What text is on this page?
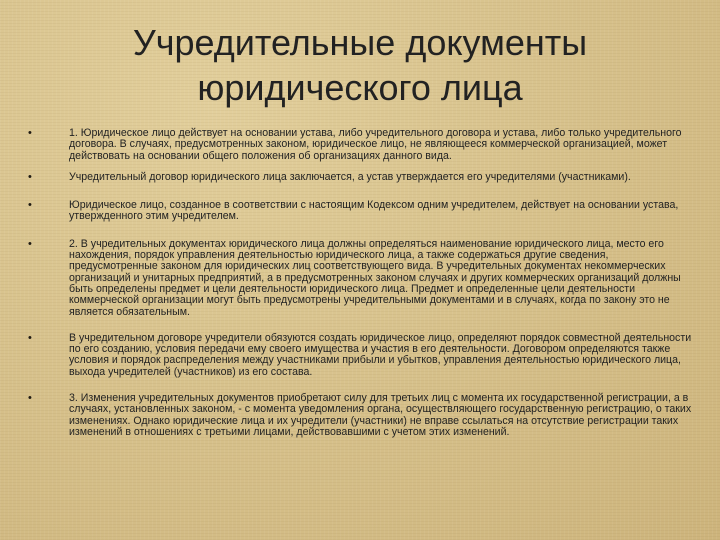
Учредительные документы
юридического лица
•	1. Юридическое лицо действует на основании устава, либо учредительного договора и устава, либо только учредительного договора. В случаях, предусмотренных законом, юридическое лицо, не являющееся коммерческой организацией, может действовать на основании общего положения об организациях данного вида.
•	Учредительный договор юридического лица заключается, а устав утверждается его учредителями (участниками).
•	Юридическое лицо, созданное в соответствии с настоящим Кодексом одним учредителем, действует на основании устава, утвержденного этим учредителем.
•	2. В учредительных документах юридического лица должны определяться наименование юридического лица, место его нахождения, порядок управления деятельностью юридического лица, а также содержаться другие сведения, предусмотренные законом для юридических лиц соответствующего вида. В учредительных документах некоммерческих организаций и унитарных предприятий, а в предусмотренных законом случаях и других коммерческих организаций должны быть определены предмет и цели деятельности юридического лица. Предмет и определенные цели деятельности коммерческой организации могут быть предусмотрены учредительными документами и в случаях, когда по закону это не является обязательным.
•	В учредительном договоре учредители обязуются создать юридическое лицо, определяют порядок совместной деятельности по его созданию, условия передачи ему своего имущества и участия в его деятельности. Договором определяются также условия и порядок распределения между участниками прибыли и убытков, управления деятельностью юридического лица, выхода учредителей (участников) из его состава.
•	3. Изменения учредительных документов приобретают силу для третьих лиц с момента их государственной регистрации, а в случаях, установленных законом, - с момента уведомления органа, осуществляющего государственную регистрацию, о таких изменениях. Однако юридические лица и их учредители (участники) не вправе ссылаться на отсутствие регистрации таких изменений в отношениях с третьими лицами, действовавшими с учетом этих изменений.
